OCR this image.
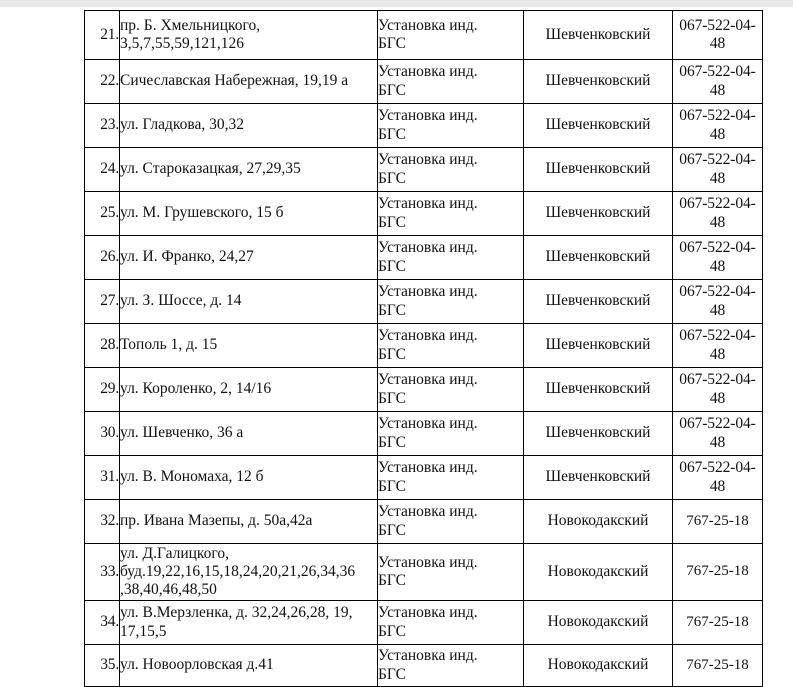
21.	пр. Б. Хмельницкого,
3,5,7,55,59,121,126	Установка инд.
БГС	Шевченковский	067-522-04-48
22.	Сичеславская Набережная, 19,19 а	Установка инд.
БГС	Шевченковский	067-522-04-48
23.	ул. Гладкова, 30,32	Установка инд.
БГС	Шевченковский	067-522-04-48
24.	ул. Староказацкая, 27,29,35	Установка инд.
БГС	Шевченковский	067-522-04-48
25.	ул. М. Грушевского, 15 б	Установка инд.
БГС	Шевченковский	067-522-04-48
26.	ул. И. Франко, 24,27	Установка инд.
БГС	Шевченковский	067-522-04-48
27.	ул. З. Шоссе, д. 14	Установка инд.
БГС	Шевченковский	067-522-04-48
28.	Тополь 1, д. 15	Установка инд.
БГС	Шевченковский	067-522-04-48
29.	ул. Короленко, 2, 14/16	Установка инд.
БГС	Шевченковский	067-522-04-48
30.	ул. Шевченко, 36 а	Установка инд.
БГС	Шевченковский	067-522-04-48
31.	ул. В. Мономаха, 12 б	Установка инд.
БГС	Шевченковский	067-522-04-48
32.	пр. Ивана Мазепы, д. 50а,42а	Установка инд.
БГС	Новокодакский	767-25-18
33.	ул. Д.Галицкого,
буд.19,22,16,15,18,24,20,21,26,34,36
,38,40,46,48,50	Установка инд.
БГС	Новокодакский	767-25-18
34.	ул. В.Мерзленка, д. 32,24,26,28, 19,
17,15,5	Установка инд.
БГС	Новокодакский	767-25-18
35.	ул. Новоорловская д.41	Установка инд.
БГС	Новокодакский	767-25-18
